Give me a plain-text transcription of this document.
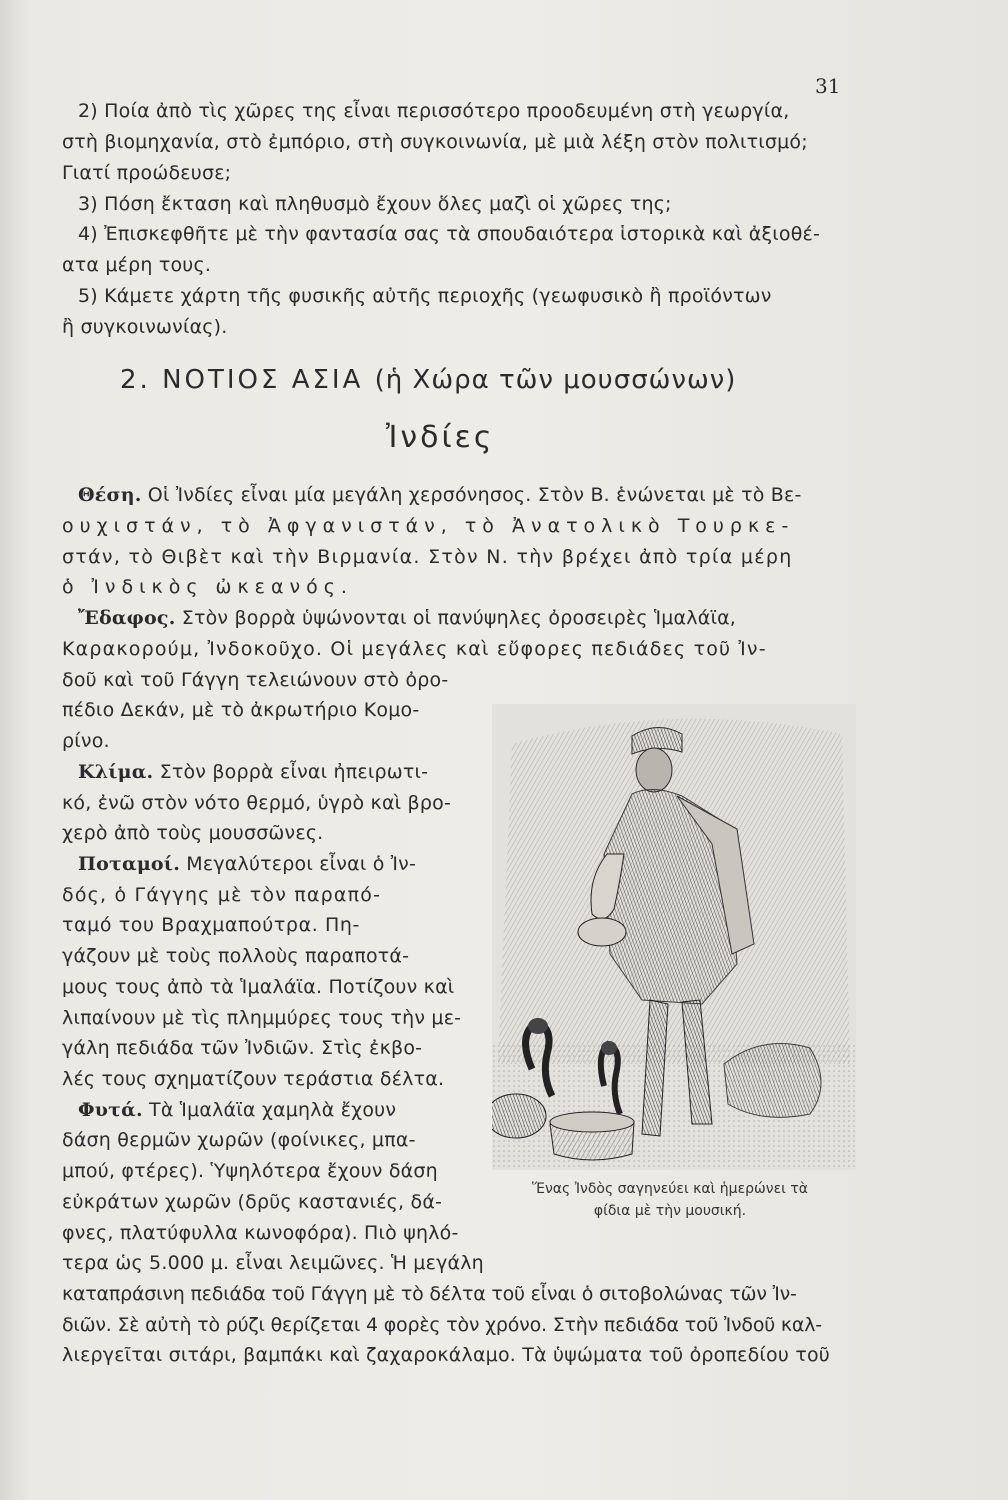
31
2) Ποία ἀπὸ τὶς χῶρες της εἶναι περισσότερο προοδευμένη στὴ γεωργία,
στὴ βιομηχανία, στὸ ἐμπόριο, στὴ συγκοινωνία, μὲ μιὰ λέξη στὸν πολιτισμό;
Γιατί προώδευσε;
3) Πόση ἔκταση καὶ πληθυσμὸ ἔχουν ὅλες μαζὶ οἱ χῶρες της;
4) Ἐπισκεφθῆτε μὲ τὴν φαντασία σας τὰ σπουδαιότερα ἱστορικὰ καὶ ἀξιοθέ-
ατα μέρη τους.
5) Κάμετε χάρτη τῆς φυσικῆς αὐτῆς περιοχῆς (γεωφυσικὸ ἢ προϊόντων
ἢ συγκοινωνίας).
2. ΝΟΤΙΟΣ ΑΣΙΑ (ἡ Χώρα τῶν μουσσώνων)
Ἰνδίες
Θέση. Οἱ Ἰνδίες εἶναι μία μεγάλη χερσόνησος. Στὸν Β. ἑνώνεται μὲ τὸ Βε-
ουχιστάν, τὸ Ἀφγανιστάν, τὸ Ἀνατολικὸ Τουρκε-
στάν, τὸ Θιβὲτ καὶ τὴν Βιρμανία. Στὸν Ν. τὴν βρέχει ἀπὸ τρία μέρη
ὁ Ἰνδικὸς ὠκεανός.
Ἔδαφος. Στὸν βορρὰ ὑψώνονται οἱ πανύψηλες ὀροσειρὲς Ἱμαλάϊα,
Καρακορούμ, Ἰνδοκοῦχο. Οἱ μεγάλες καὶ εὔφορες πεδιάδες τοῦ Ἰν-
δοῦ καὶ τοῦ Γάγγη τελειώνουν στὸ ὀρο-
πέδιο Δεκάν, μὲ τὸ ἀκρωτήριο Κομο-
ρίνο.
Κλίμα. Στὸν βορρὰ εἶναι ἠπειρωτι-
κό, ἐνῶ στὸν νότο θερμό, ὑγρὸ καὶ βρο-
χερὸ ἀπὸ τοὺς μουσσῶνες.
Ποταμοί. Μεγαλύτεροι εἶναι ὁ Ἰν-
δός, ὁ Γάγγης μὲ τὸν παραπό-
ταμό του Βραχμαπούτρα. Πη-
γάζουν μὲ τοὺς πολλοὺς παραποτά-
μους τους ἀπὸ τὰ Ἱμαλάϊα. Ποτίζουν καὶ
λιπαίνουν μὲ τὶς πλημμύρες τους τὴν με-
γάλη πεδιάδα τῶν Ἰνδιῶν. Στὶς ἐκβο-
λές τους σχηματίζουν τεράστια δέλτα.
Φυτά. Τὰ Ἱμαλάϊα χαμηλὰ ἔχουν
δάση θερμῶν χωρῶν (φοίνικες, μπα-
μπού, φτέρες). Ὑψηλότερα ἔχουν δάση
εὐκράτων χωρῶν (δρῦς καστανιές, δά-
φνες, πλατύφυλλα κωνοφόρα). Πιὸ ψηλό-
τερα ὡς 5.000 μ. εἶναι λειμῶνες. Ἡ μεγάλη
καταπράσινη πεδιάδα τοῦ Γάγγη μὲ τὸ δέλτα τοῦ εἶναι ὁ σιτοβολώνας τῶν Ἰν-
διῶν. Σὲ αὐτὴ τὸ ρύζι θερίζεται 4 φορὲς τὸν χρόνο. Στὴν πεδιάδα τοῦ Ἰνδοῦ καλ-
λιεργεῖται σιτάρι, βαμπάκι καὶ ζαχαροκάλαμο. Τὰ ὑψώματα τοῦ ὀροπεδίου τοῦ
Ἕνας Ἰνδὸς σαγηνεύει καὶ ἡμερώνει τὰ
φίδια μὲ τὴν μουσική.
